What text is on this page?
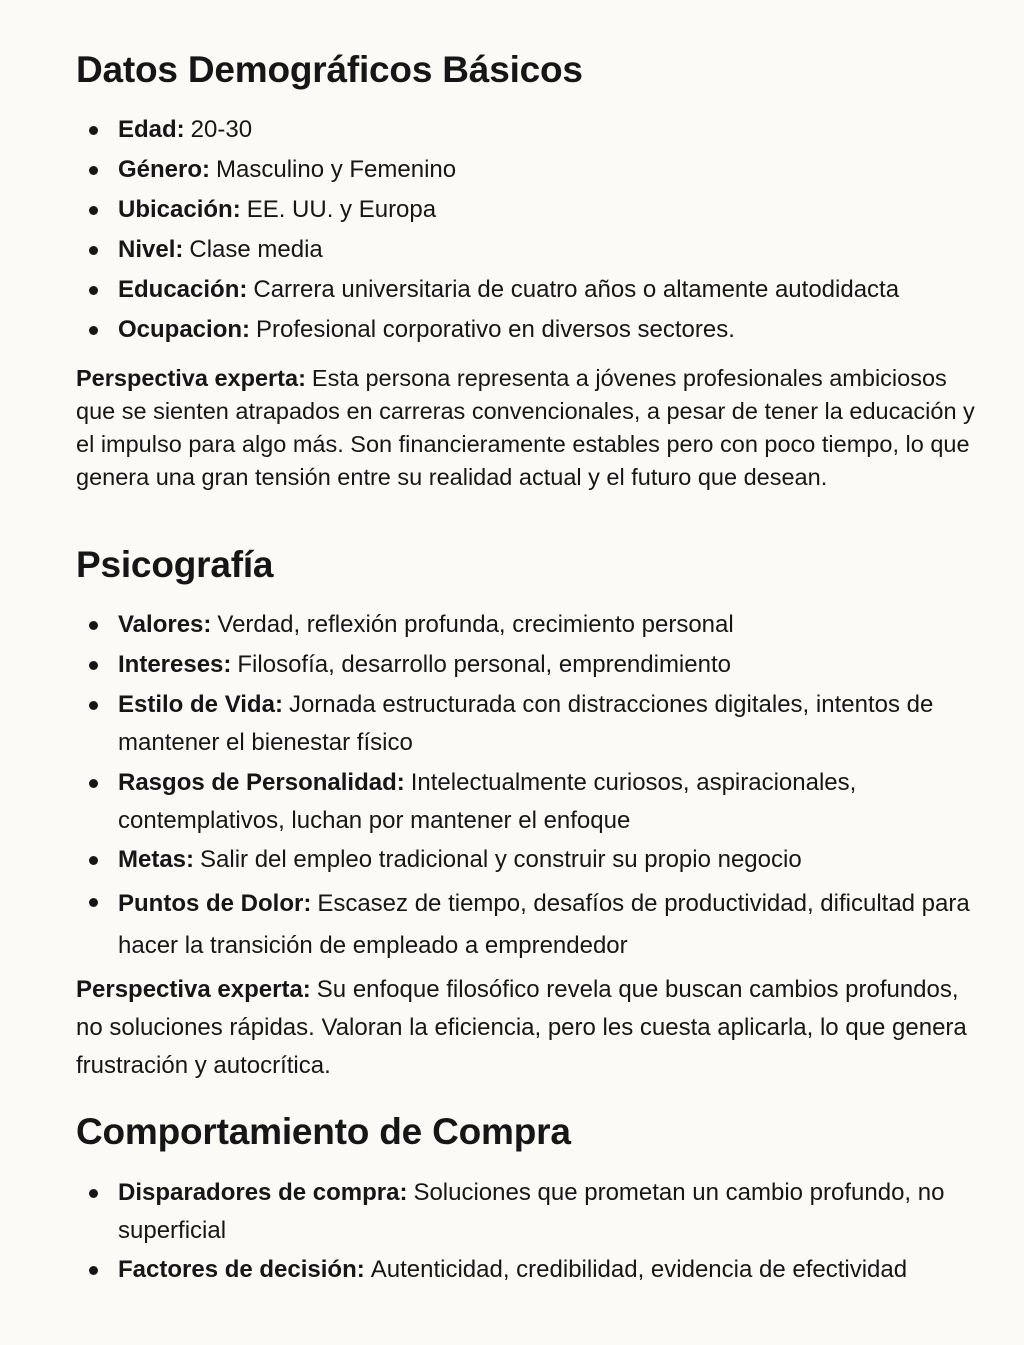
Datos Demográficos Básicos
Edad: 20-30
Género: Masculino y Femenino
Ubicación: EE. UU. y Europa
Nivel: Clase media
Educación: Carrera universitaria de cuatro años o altamente autodidacta
Ocupacion: Profesional corporativo en diversos sectores.

Perspectiva experta: Esta persona representa a jóvenes profesionales ambiciosos que se sienten atrapados en carreras convencionales, a pesar de tener la educación y el impulso para algo más. Son financieramente estables pero con poco tiempo, lo que genera una gran tensión entre su realidad actual y el futuro que desean.

Psicografía
Valores: Verdad, reflexión profunda, crecimiento personal
Intereses: Filosofía, desarrollo personal, emprendimiento
Estilo de Vida: Jornada estructurada con distracciones digitales, intentos de mantener el bienestar físico
Rasgos de Personalidad: Intelectualmente curiosos, aspiracionales, contemplativos, luchan por mantener el enfoque
Metas: Salir del empleo tradicional y construir su propio negocio
Puntos de Dolor: Escasez de tiempo, desafíos de productividad, dificultad para hacer la transición de empleado a emprendedor

Perspectiva experta: Su enfoque filosófico revela que buscan cambios profundos, no soluciones rápidas. Valoran la eficiencia, pero les cuesta aplicarla, lo que genera frustración y autocrítica.

Comportamiento de Compra
Disparadores de compra: Soluciones que prometan un cambio profundo, no superficial
Factores de decisión: Autenticidad, credibilidad, evidencia de efectividad
